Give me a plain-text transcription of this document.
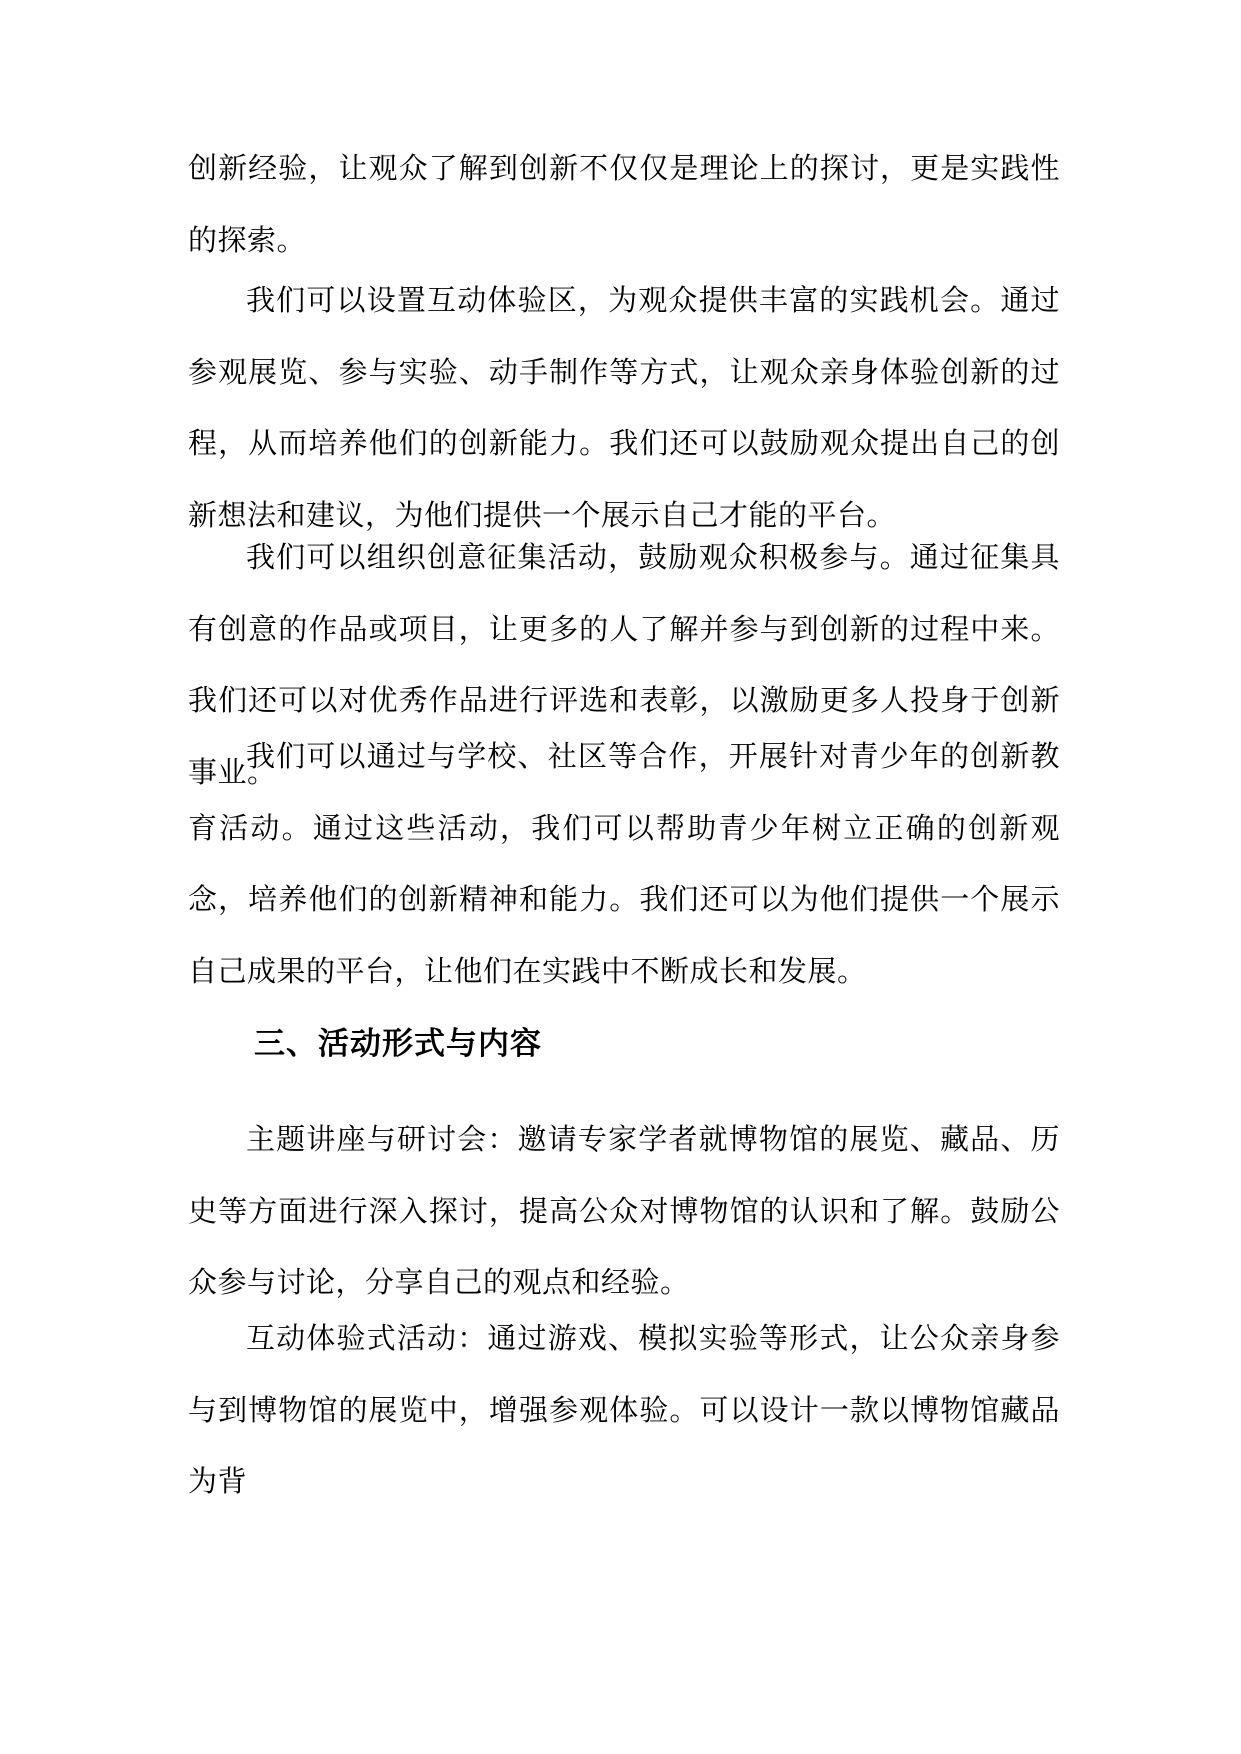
创新经验，让观众了解到创新不仅仅是理论上的探讨，更是实践性的探索。

我们可以设置互动体验区，为观众提供丰富的实践机会。通过参观展览、参与实验、动手制作等方式，让观众亲身体验创新的过程，从而培养他们的创新能力。我们还可以鼓励观众提出自己的创新想法和建议，为他们提供一个展示自己才能的平台。

我们可以组织创意征集活动，鼓励观众积极参与。通过征集具有创意的作品或项目，让更多的人了解并参与到创新的过程中来。我们还可以对优秀作品进行评选和表彰，以激励更多人投身于创新事业。

我们可以通过与学校、社区等合作，开展针对青少年的创新教育活动。通过这些活动，我们可以帮助青少年树立正确的创新观念，培养他们的创新精神和能力。我们还可以为他们提供一个展示自己成果的平台，让他们在实践中不断成长和发展。

三、活动形式与内容

主题讲座与研讨会：邀请专家学者就博物馆的展览、藏品、历史等方面进行深入探讨，提高公众对博物馆的认识和了解。鼓励公众参与讨论，分享自己的观点和经验。

互动体验式活动：通过游戏、模拟实验等形式，让公众亲身参与到博物馆的展览中，增强参观体验。可以设计一款以博物馆藏品为背
